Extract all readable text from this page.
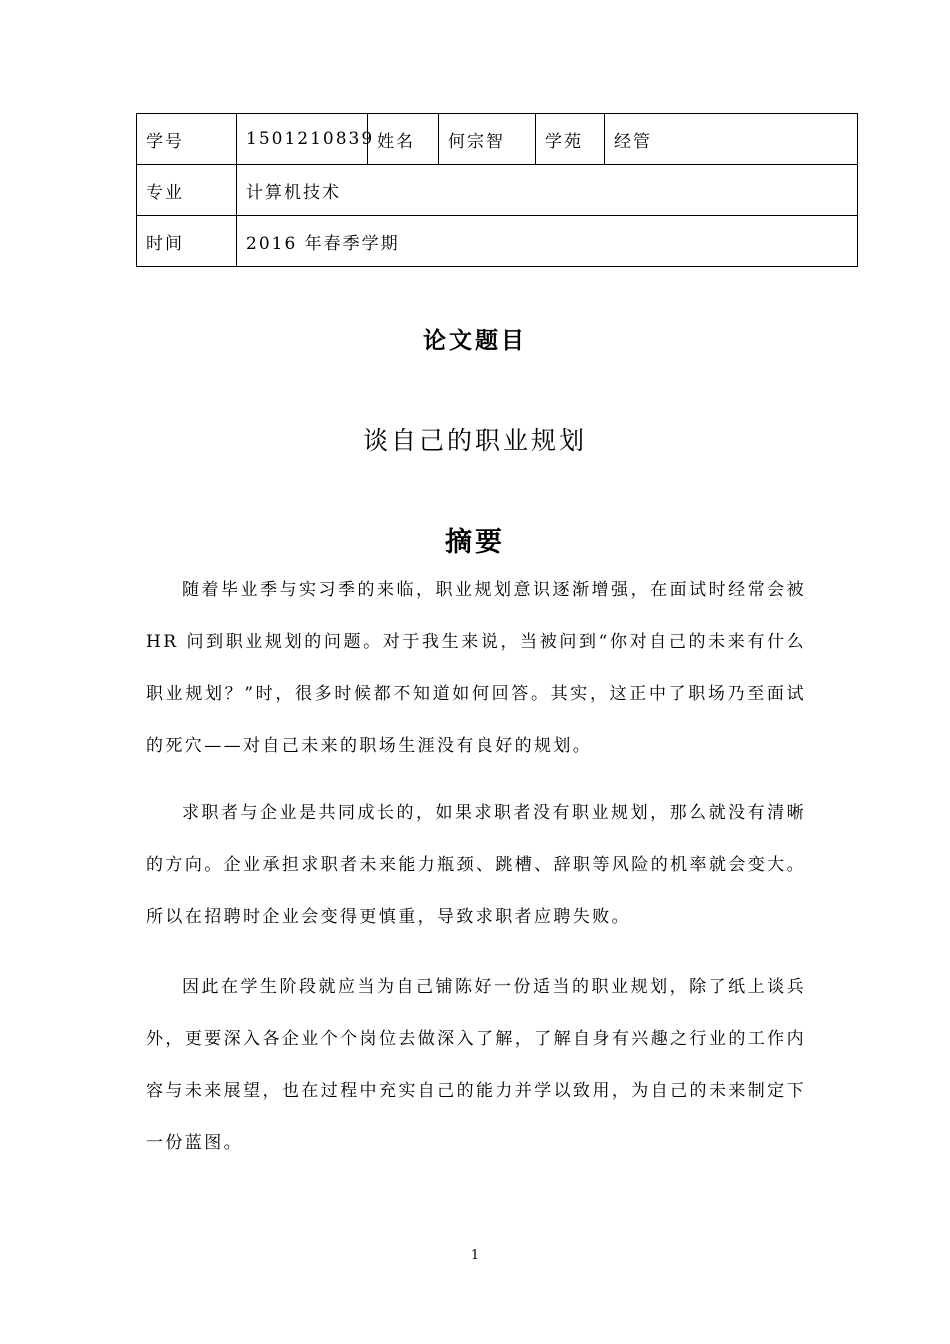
学号	1501210839	姓名	何宗智	学苑	经管
专业	计算机技术				
时间	2016 年春季学期				
论文题目
谈自己的职业规划
摘要

随着毕业季与实习季的来临，职业规划意识逐渐增强，在面试时经常会被HR 问到职业规划的问题。对于我生来说，当被问到“你对自己的未来有什么职业规划？”时，很多时候都不知道如何回答。其实，这正中了职场乃至面试的死穴——对自己未来的职场生涯没有良好的规划。

求职者与企业是共同成长的，如果求职者没有职业规划，那么就没有清晰的方向。企业承担求职者未来能力瓶颈、跳槽、辞职等风险的机率就会变大。所以在招聘时企业会变得更慎重，导致求职者应聘失败。

因此在学生阶段就应当为自己铺陈好一份适当的职业规划，除了纸上谈兵外，更要深入各企业个个岗位去做深入了解，了解自身有兴趣之行业的工作内容与未来展望，也在过程中充实自己的能力并学以致用，为自己的未来制定下一份蓝图。

1
